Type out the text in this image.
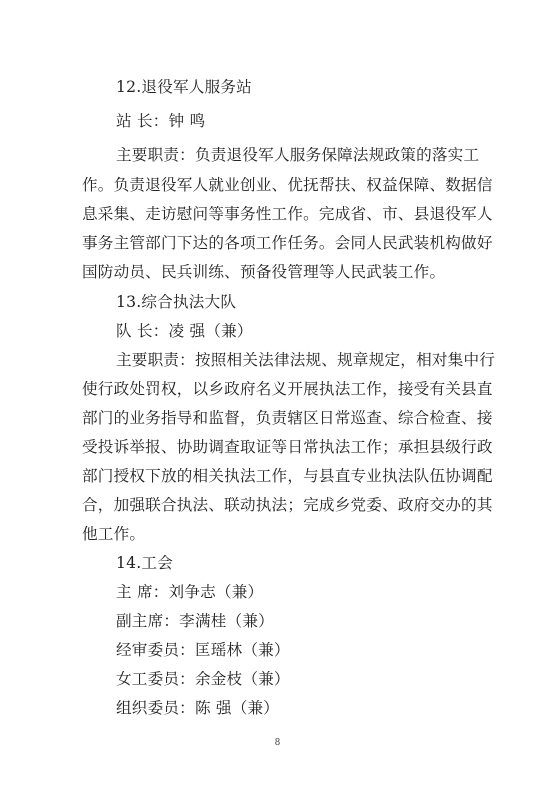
12.退役军人服务站
站 长：钟 鸣
主要职责：负责退役军人服务保障法规政策的落实工
作。负责退役军人就业创业、优抚帮扶、权益保障、数据信
息采集、走访慰问等事务性工作。完成省、市、县退役军人
事务主管部门下达的各项工作任务。会同人民武装机构做好
国防动员、民兵训练、预备役管理等人民武装工作。
13.综合执法大队
队 长：凌 强（兼）
主要职责：按照相关法律法规、规章规定，相对集中行
使行政处罚权，以乡政府名义开展执法工作，接受有关县直
部门的业务指导和监督，负责辖区日常巡查、综合检查、接
受投诉举报、协助调查取证等日常执法工作；承担县级行政
部门授权下放的相关执法工作，与县直专业执法队伍协调配
合，加强联合执法、联动执法；完成乡党委、政府交办的其
他工作。
14.工会
主 席：刘争志（兼）
副主席：李满桂（兼）
经审委员：匡瑶林（兼）
女工委员：余金枝（兼）
组织委员：陈 强（兼）
8
